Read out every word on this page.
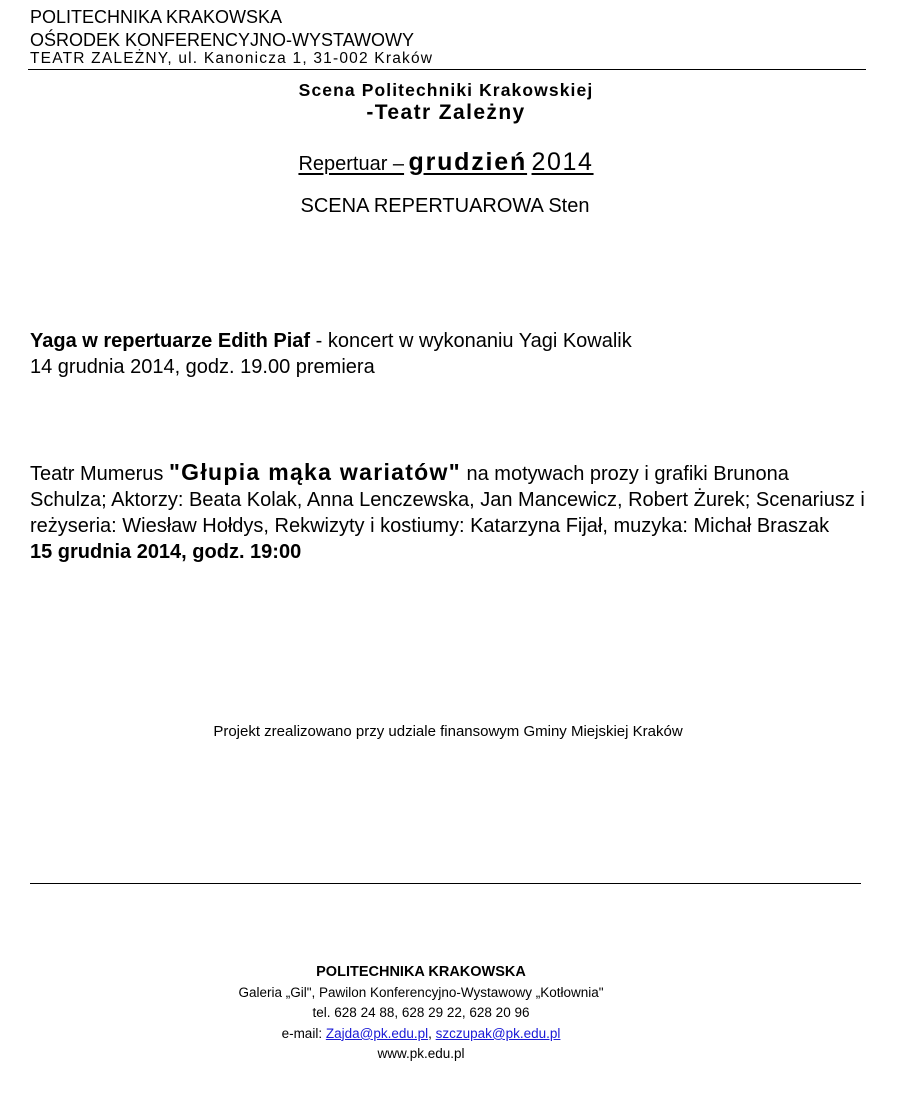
POLITECHNIKA KRAKOWSKA
OŚRODEK KONFERENCYJNO-WYSTAWOWY
TEATR ZALEŻNY, ul. Kanonicza 1, 31-002 Kraków
Scena Politechniki Krakowskiej
-Teatr Zależny
Repertuar – grudzień 2014
SCENA REPERTUAROWA Sten
Yaga w repertuarze Edith Piaf - koncert w wykonaniu Yagi Kowalik
14 grudnia 2014, godz. 19.00 premiera
Teatr Mumerus "Głupia mąka wariatów" na motywach prozy i grafiki Brunona Schulza; Aktorzy: Beata Kolak, Anna Lenczewska, Jan Mancewicz, Robert Żurek; Scenariusz i reżyseria: Wiesław Hołdys, Rekwizyty i kostiumy: Katarzyna Fijał, muzyka: Michał Braszak
15 grudnia 2014, godz. 19:00
Projekt zrealizowano przy udziale finansowym Gminy Miejskiej Kraków
POLITECHNIKA KRAKOWSKA
Galeria „Gil", Pawilon Konferencyjno-Wystawowy „Kotłownia"
tel. 628 24 88, 628 29 22, 628 20 96
e-mail: Zajda@pk.edu.pl, szczupak@pk.edu.pl
www.pk.edu.pl
